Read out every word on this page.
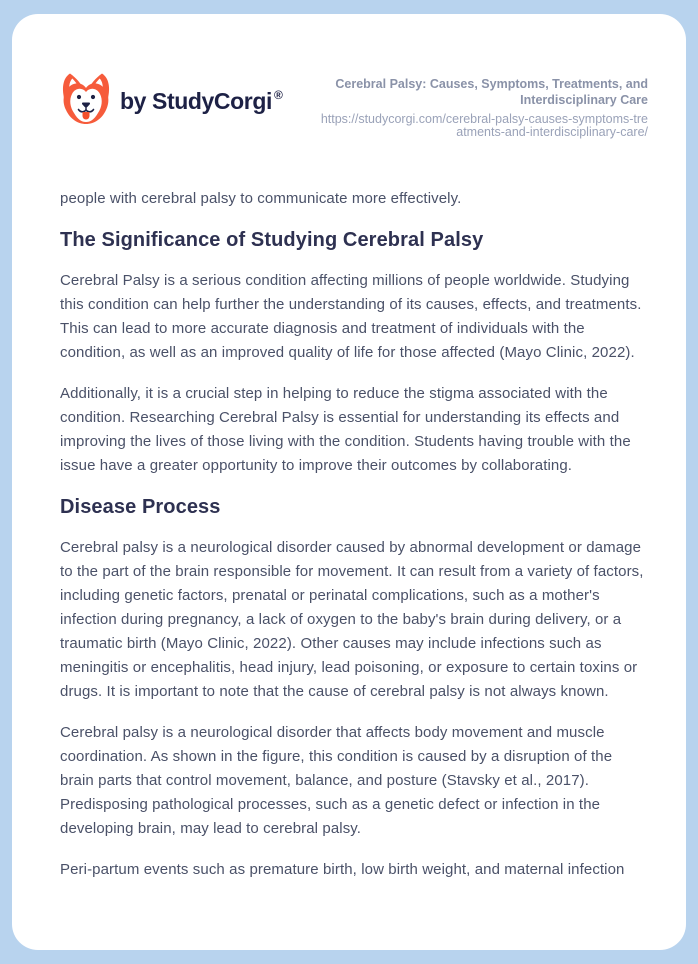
by StudyCorgi ®
Cerebral Palsy: Causes, Symptoms, Treatments, and Interdisciplinary Care
https://studycorgi.com/cerebral-palsy-causes-symptoms-treatments-and-interdisciplinary-care/

people with cerebral palsy to communicate more effectively.

The Significance of Studying Cerebral Palsy

Cerebral Palsy is a serious condition affecting millions of people worldwide. Studying this condition can help further the understanding of its causes, effects, and treatments. This can lead to more accurate diagnosis and treatment of individuals with the condition, as well as an improved quality of life for those affected (Mayo Clinic, 2022).

Additionally, it is a crucial step in helping to reduce the stigma associated with the condition. Researching Cerebral Palsy is essential for understanding its effects and improving the lives of those living with the condition. Students having trouble with the issue have a greater opportunity to improve their outcomes by collaborating.

Disease Process

Cerebral palsy is a neurological disorder caused by abnormal development or damage to the part of the brain responsible for movement. It can result from a variety of factors, including genetic factors, prenatal or perinatal complications, such as a mother's infection during pregnancy, a lack of oxygen to the baby's brain during delivery, or a traumatic birth (Mayo Clinic, 2022). Other causes may include infections such as meningitis or encephalitis, head injury, lead poisoning, or exposure to certain toxins or drugs. It is important to note that the cause of cerebral palsy is not always known.

Cerebral palsy is a neurological disorder that affects body movement and muscle coordination. As shown in the figure, this condition is caused by a disruption of the brain parts that control movement, balance, and posture (Stavsky et al., 2017). Predisposing pathological processes, such as a genetic defect or infection in the developing brain, may lead to cerebral palsy.

Peri-partum events such as premature birth, low birth weight, and maternal infection
